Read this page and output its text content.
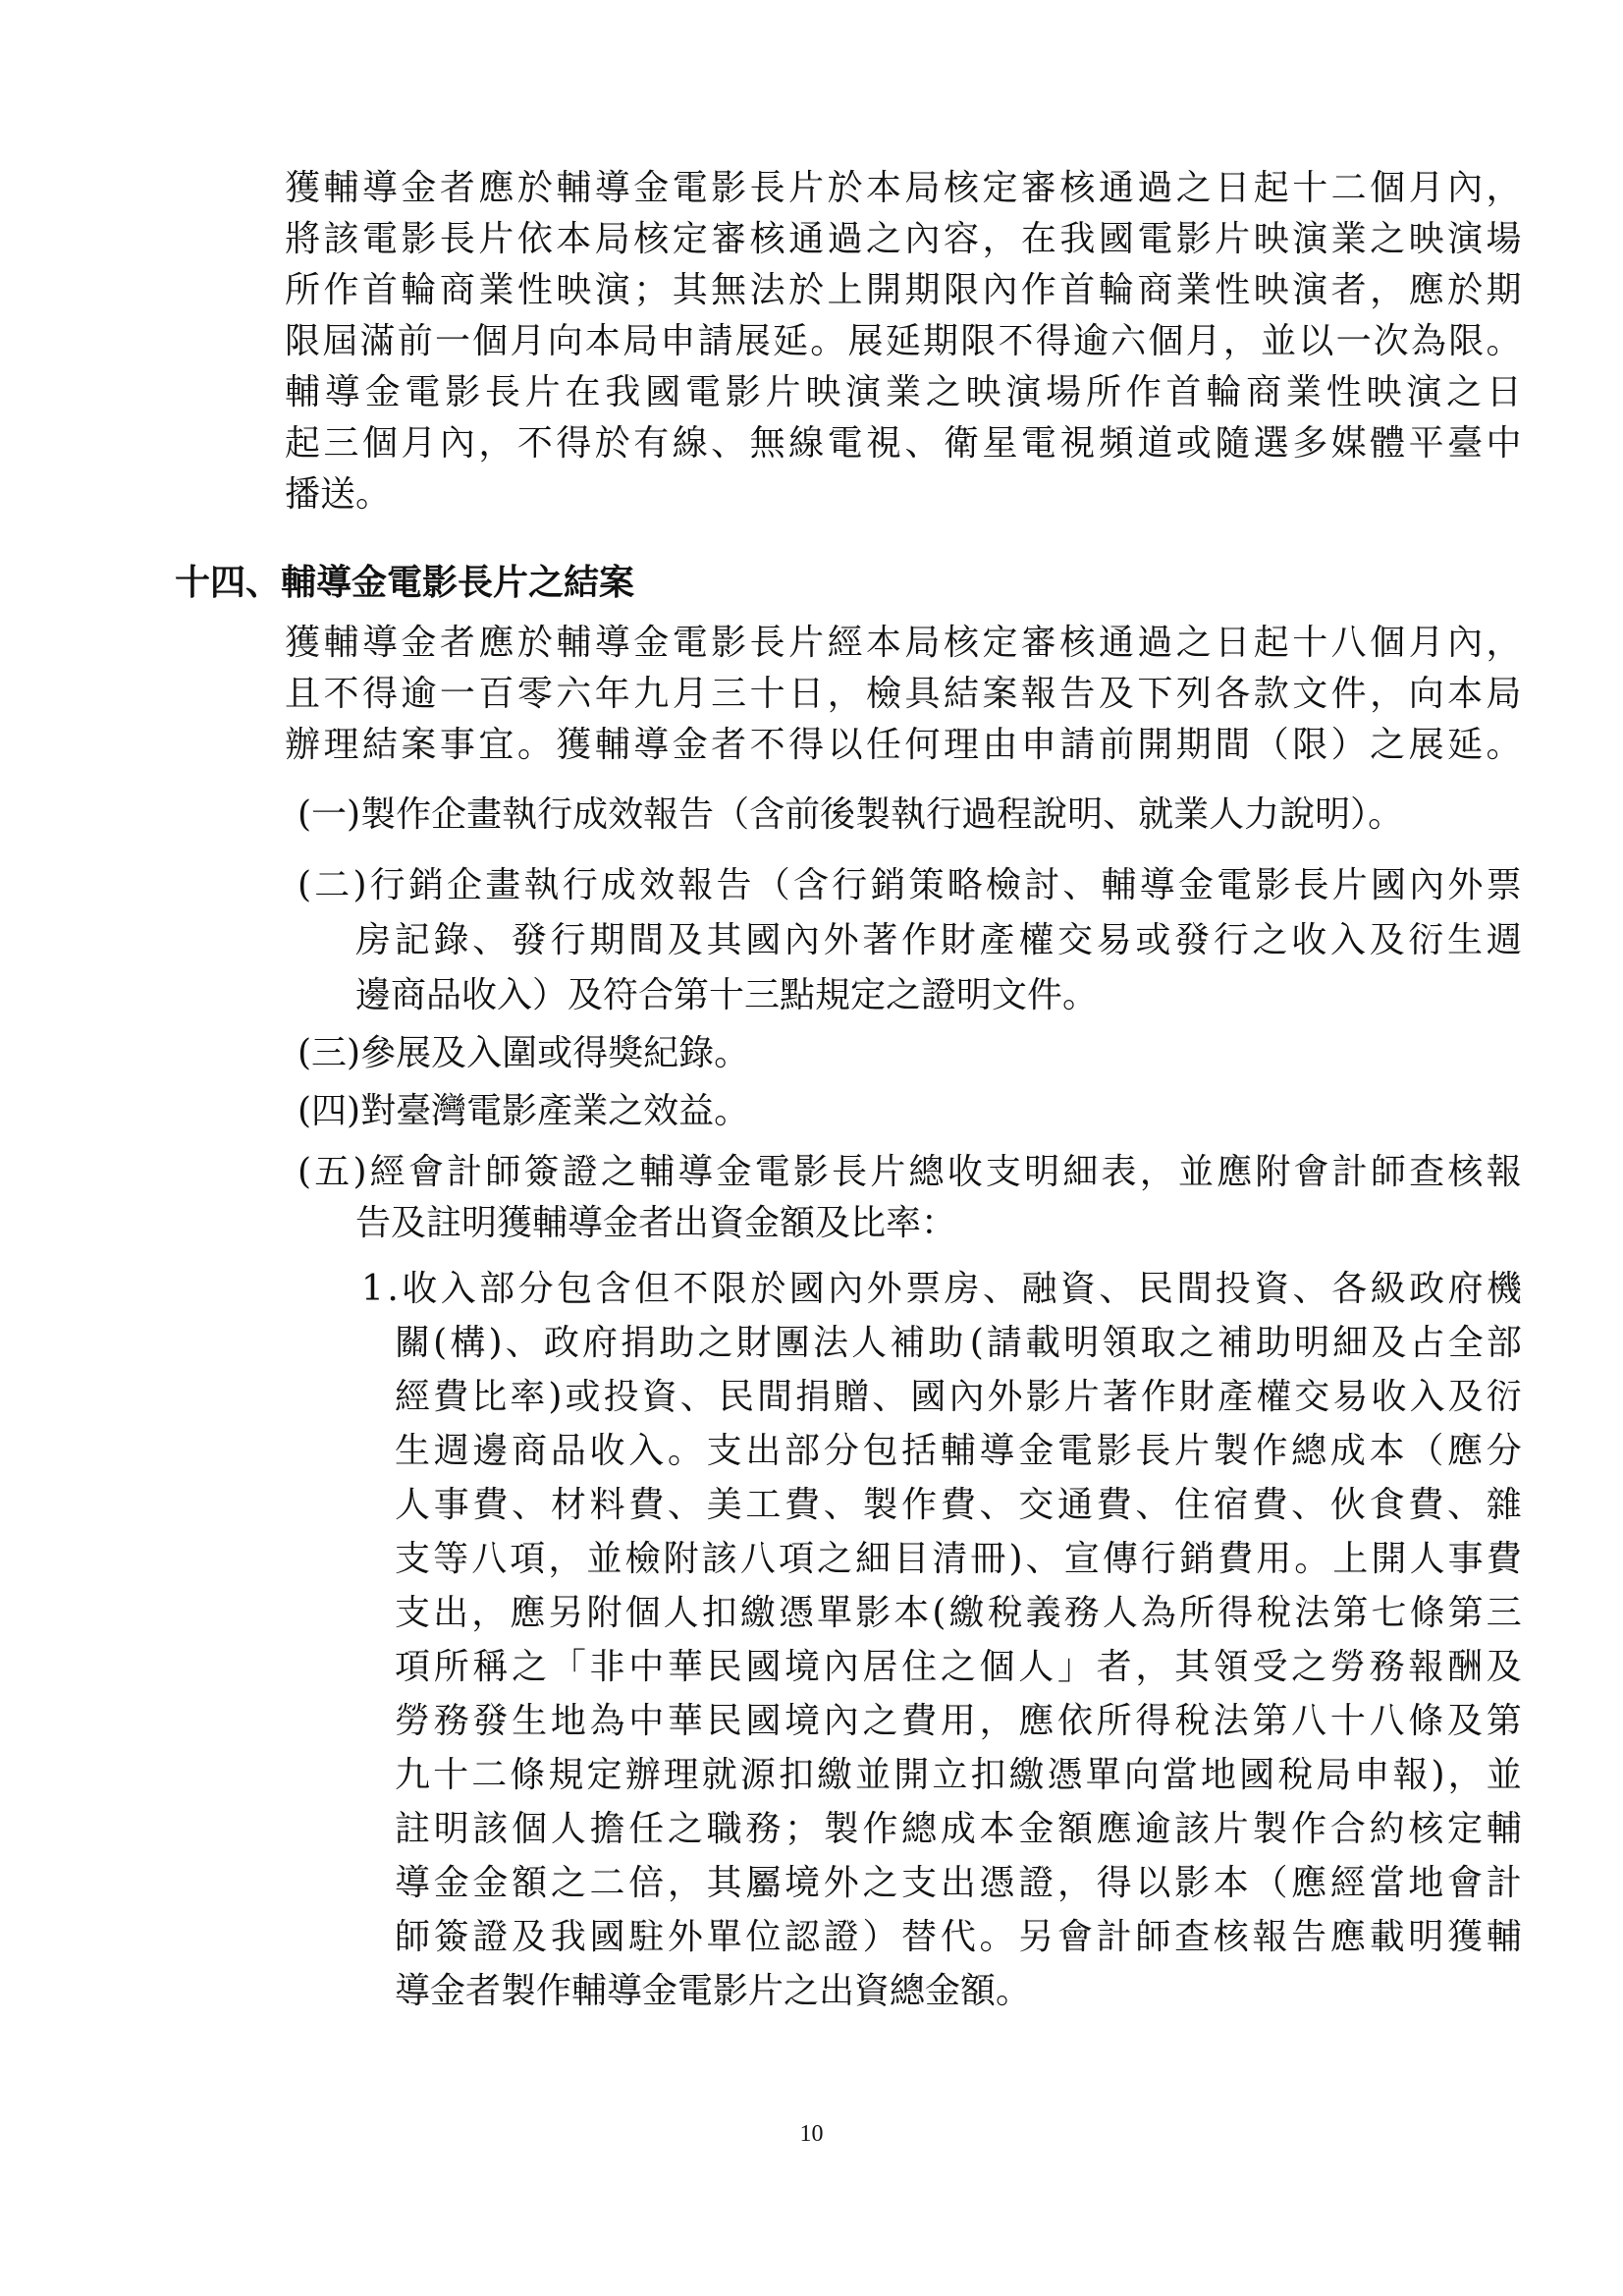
獲 輔 導 金 者 應 於 輔 導 金 電 影 長 片 於 本 局 核 定 審 核 通 過 之 日 起 十 二 個 月 內 ，
將 該 電 影 長 片 依 本 局 核 定 審 核 通 過 之 內 容 ， 在 我 國 電 影 片 映 演 業 之 映 演 場
所 作 首 輪 商 業 性 映 演 ； 其 無 法 於 上 開 期 限 內 作 首 輪 商 業 性 映 演 者 ， 應 於 期
限 屆 滿 前 一 個 月 向 本 局 申 請 展 延 。 展 延 期 限 不 得 逾 六 個 月 ， 並 以 一 次 為 限 。
輔 導 金 電 影 長 片 在 我 國 電 影 片 映 演 業 之 映 演 場 所 作 首 輪 商 業 性 映 演 之 日
起 三 個 月 內 ， 不 得 於 有 線 、 無 線 電 視 、 衛 星 電 視 頻 道 或 隨 選 多 媒 體 平 臺 中
播送。
十四、輔導金電影長片之結案
獲 輔 導 金 者 應 於 輔 導 金 電 影 長 片 經 本 局 核 定 審 核 通 過 之 日 起 十 八 個 月 內 ，
且 不 得 逾 一 百 零 六 年 九 月 三 十 日 ， 檢 具 結 案 報 告 及 下 列 各 款 文 件 ， 向 本 局
辦 理 結 案 事 宜 。 獲 輔 導 金 者 不 得 以 任 何 理 由 申 請 前 開 期 間 （ 限 ） 之 展 延 。
(一)製作企畫執行成效報告（含前後製執行過程說明、就業人力說明）。
( 二 ) 行 銷 企 畫 執 行 成 效 報 告 （ 含 行 銷 策 略 檢 討 、 輔 導 金 電 影 長 片 國 內 外 票
房 記 錄 、 發 行 期 間 及 其 國 內 外 著 作 財 產 權 交 易 或 發 行 之 收 入 及 衍 生 週
邊商品收入）及符合第十三點規定之證明文件。
(三)參展及入圍或得獎紀錄。
(四)對臺灣電影產業之效益。
( 五 ) 經 會 計 師 簽 證 之 輔 導 金 電 影 長 片 總 收 支 明 細 表 ， 並 應 附 會 計 師 查 核 報
告及註明獲輔導金者出資金額及比率：
1 . 收 入 部 分 包 含 但 不 限 於 國 內 外 票 房 、 融 資 、 民 間 投 資 、 各 級 政 府 機
關 ( 構 ) 、 政 府 捐 助 之 財 團 法 人 補 助 ( 請 載 明 領 取 之 補 助 明 細 及 占 全 部
經 費 比 率 ) 或 投 資 、 民 間 捐 贈 、 國 內 外 影 片 著 作 財 產 權 交 易 收 入 及 衍
生 週 邊 商 品 收 入 。 支 出 部 分 包 括 輔 導 金 電 影 長 片 製 作 總 成 本 （ 應 分
人 事 費 、 材 料 費 、 美 工 費 、 製 作 費 、 交 通 費 、 住 宿 費 、 伙 食 費 、 雜
支 等 八 項 ， 並 檢 附 該 八 項 之 細 目 清 冊 ) 、 宣 傳 行 銷 費 用 。 上 開 人 事 費
支 出 ， 應 另 附 個 人 扣 繳 憑 單 影 本 ( 繳 稅 義 務 人 為 所 得 稅 法 第 七 條 第 三
項 所 稱 之 「 非 中 華 民 國 境 內 居 住 之 個 人 」 者 ， 其 領 受 之 勞 務 報 酬 及
勞 務 發 生 地 為 中 華 民 國 境 內 之 費 用 ， 應 依 所 得 稅 法 第 八 十 八 條 及 第
九 十 二 條 規 定 辦 理 就 源 扣 繳 並 開 立 扣 繳 憑 單 向 當 地 國 稅 局 申 報 ) ， 並
註 明 該 個 人 擔 任 之 職 務 ； 製 作 總 成 本 金 額 應 逾 該 片 製 作 合 約 核 定 輔
導 金 金 額 之 二 倍 ， 其 屬 境 外 之 支 出 憑 證 ， 得 以 影 本 （ 應 經 當 地 會 計
師 簽 證 及 我 國 駐 外 單 位 認 證 ） 替 代 。 另 會 計 師 查 核 報 告 應 載 明 獲 輔
導金者製作輔導金電影片之出資總金額。
10
